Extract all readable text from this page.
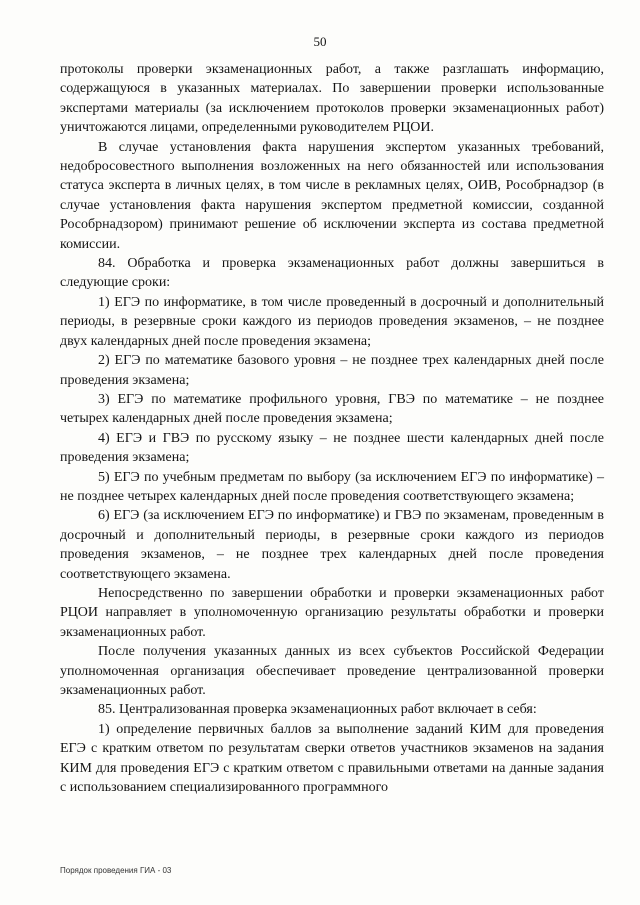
50

протоколы проверки экзаменационных работ, а также разглашать информацию, содержащуюся в указанных материалах. По завершении проверки использованные экспертами материалы (за исключением протоколов проверки экзаменационных работ) уничтожаются лицами, определенными руководителем РЦОИ.

В случае установления факта нарушения экспертом указанных требований, недобросовестного выполнения возложенных на него обязанностей или использования статуса эксперта в личных целях, в том числе в рекламных целях, ОИВ, Рособрнадзор (в случае установления факта нарушения экспертом предметной комиссии, созданной Рособрнадзором) принимают решение об исключении эксперта из состава предметной комиссии.

84. Обработка и проверка экзаменационных работ должны завершиться в следующие сроки:

1) ЕГЭ по информатике, в том числе проведенный в досрочный и дополнительный периоды, в резервные сроки каждого из периодов проведения экзаменов, – не позднее двух календарных дней после проведения экзамена;

2) ЕГЭ по математике базового уровня – не позднее трех календарных дней после проведения экзамена;

3) ЕГЭ по математике профильного уровня, ГВЭ по математике – не позднее четырех календарных дней после проведения экзамена;

4) ЕГЭ и ГВЭ по русскому языку – не позднее шести календарных дней после проведения экзамена;

5) ЕГЭ по учебным предметам по выбору (за исключением ЕГЭ по информатике) – не позднее четырех календарных дней после проведения соответствующего экзамена;

6) ЕГЭ (за исключением ЕГЭ по информатике) и ГВЭ по экзаменам, проведенным в досрочный и дополнительный периоды, в резервные сроки каждого из периодов проведения экзаменов, – не позднее трех календарных дней после проведения соответствующего экзамена.

Непосредственно по завершении обработки и проверки экзаменационных работ РЦОИ направляет в уполномоченную организацию результаты обработки и проверки экзаменационных работ.

После получения указанных данных из всех субъектов Российской Федерации уполномоченная организация обеспечивает проведение централизованной проверки экзаменационных работ.

85. Централизованная проверка экзаменационных работ включает в себя:

1) определение первичных баллов за выполнение заданий КИМ для проведения ЕГЭ с кратким ответом по результатам сверки ответов участников экзаменов на задания КИМ для проведения ЕГЭ с кратким ответом с правильными ответами на данные задания с использованием специализированного программного

Порядок проведения ГИА - 03
